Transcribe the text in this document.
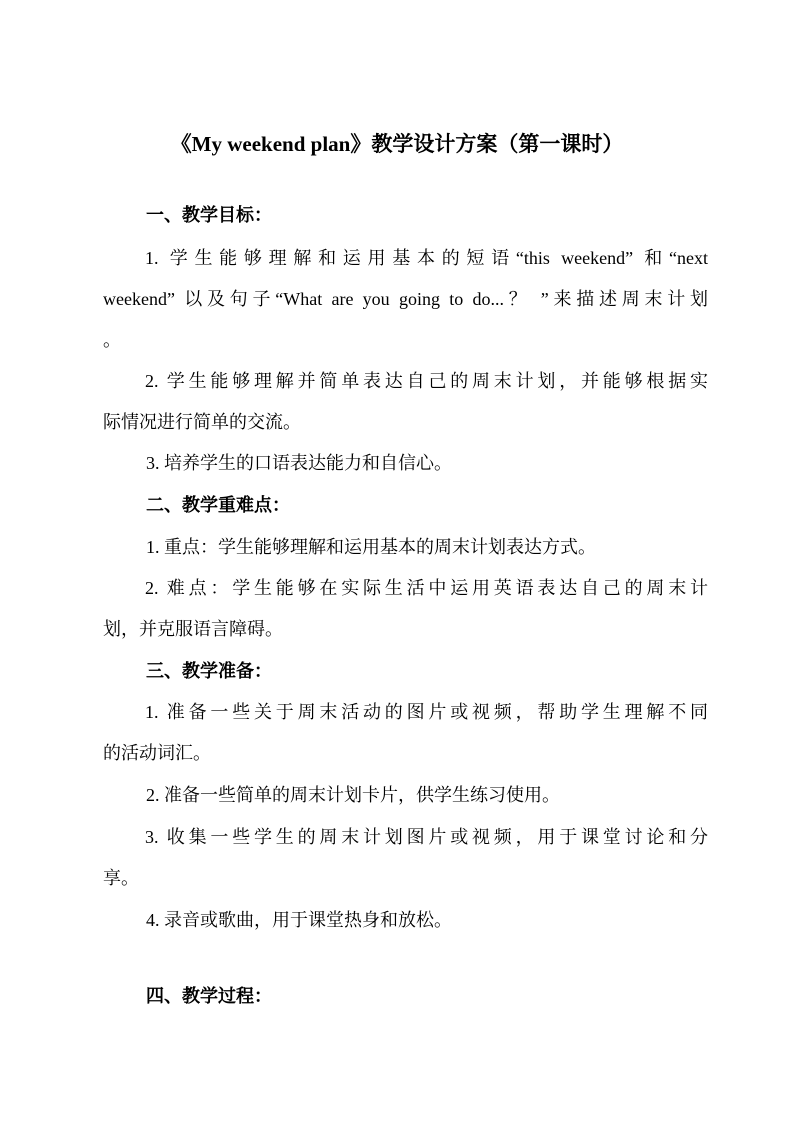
《My weekend plan》教学设计方案（第一课时）
一、教学目标：
1. 学生能够理解和运用基本的短语“this weekend” 和“next
weekend” 以及句子“What are you going to do...？ ”来描述周末计划
。
2. 学生能够理解并简单表达自己的周末计划，并能够根据实
际情况进行简单的交流。
3. 培养学生的口语表达能力和自信心。
二、教学重难点：
1. 重点：学生能够理解和运用基本的周末计划表达方式。
2. 难点：学生能够在实际生活中运用英语表达自己的周末计
划，并克服语言障碍。
三、教学准备：
1. 准备一些关于周末活动的图片或视频，帮助学生理解不同
的活动词汇。
2. 准备一些简单的周末计划卡片，供学生练习使用。
3. 收集一些学生的周末计划图片或视频，用于课堂讨论和分
享。
4. 录音或歌曲，用于课堂热身和放松。
四、教学过程：
